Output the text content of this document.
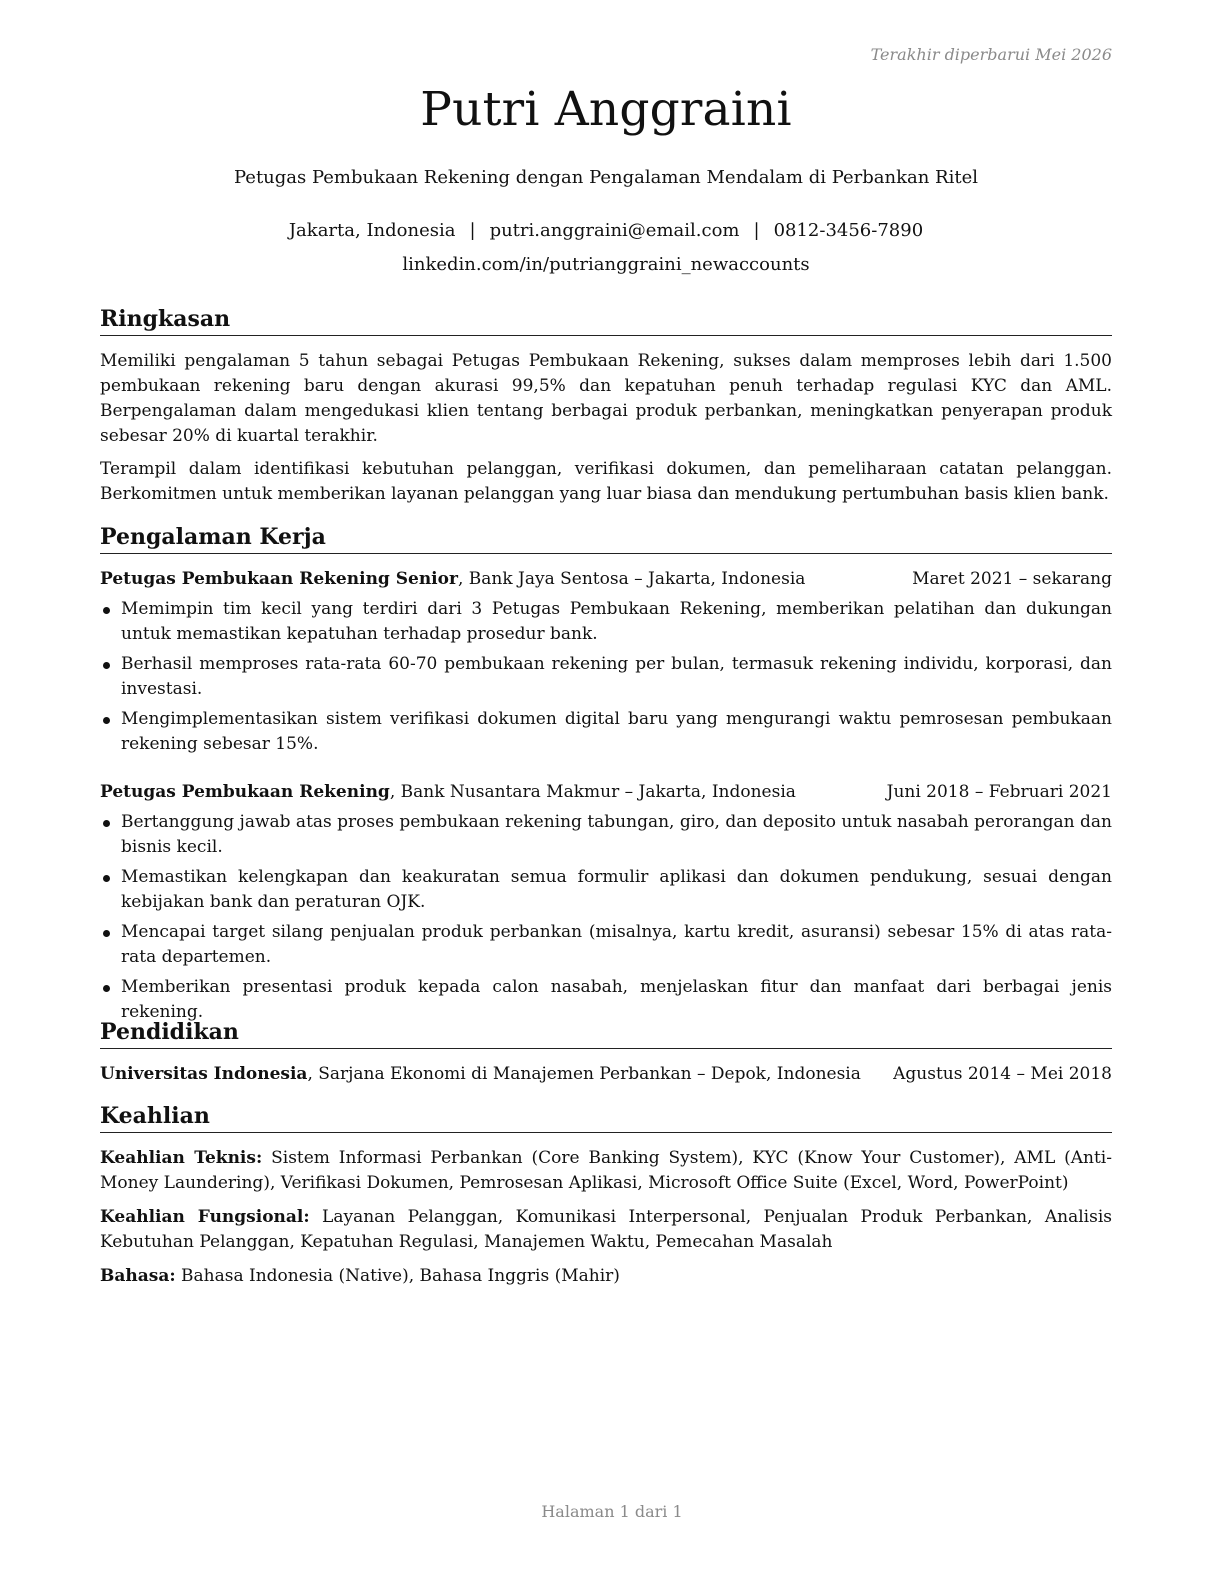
Terakhir diperbarui Mei 2026
Putri Anggraini
Petugas Pembukaan Rekening dengan Pengalaman Mendalam di Perbankan Ritel
Jakarta, Indonesia | putri.anggraini@email.com | 0812-3456-7890
linkedin.com/in/putrianggraini_newaccounts
Ringkasan

Memiliki pengalaman 5 tahun sebagai Petugas Pembukaan Rekening, sukses dalam memproses lebih dari 1.500 pembukaan rekening baru dengan akurasi 99,5% dan kepatuhan penuh terhadap regulasi KYC dan AML. Berpengalaman dalam mengedukasi klien tentang berbagai produk perbankan, meningkatkan penyerapan produk sebesar 20% di kuartal terakhir.

Terampil dalam identifikasi kebutuhan pelanggan, verifikasi dokumen, dan pemeliharaan catatan pelanggan. Berkomitmen untuk memberikan layanan pelanggan yang luar biasa dan mendukung pertumbuhan basis klien bank.

Pengalaman Kerja
Petugas Pembukaan Rekening Senior, Bank Jaya Sentosa – Jakarta, Indonesia	Maret 2021 – sekarang
Memimpin tim kecil yang terdiri dari 3 Petugas Pembukaan Rekening, memberikan pelatihan dan dukungan untuk memastikan kepatuhan terhadap prosedur bank.
Berhasil memproses rata-rata 60-70 pembukaan rekening per bulan, termasuk rekening individu, korporasi, dan investasi.
Mengimplementasikan sistem verifikasi dokumen digital baru yang mengurangi waktu pemrosesan pembukaan rekening sebesar 15%.
Petugas Pembukaan Rekening, Bank Nusantara Makmur – Jakarta, Indonesia	Juni 2018 – Februari 2021
Bertanggung jawab atas proses pembukaan rekening tabungan, giro, dan deposito untuk nasabah perorangan dan bisnis kecil.
Memastikan kelengkapan dan keakuratan semua formulir aplikasi dan dokumen pendukung, sesuai dengan kebijakan bank dan peraturan OJK.
Mencapai target silang penjualan produk perbankan (misalnya, kartu kredit, asuransi) sebesar 15% di atas rata-rata departemen.
Memberikan presentasi produk kepada calon nasabah, menjelaskan fitur dan manfaat dari berbagai jenis rekening.
Pendidikan
Universitas Indonesia, Sarjana Ekonomi di Manajemen Perbankan – Depok, Indonesia Agustus 2014 – Mei 2018
Keahlian

Keahlian Teknis: Sistem Informasi Perbankan (Core Banking System), KYC (Know Your Customer), AML (Anti-Money Laundering), Verifikasi Dokumen, Pemrosesan Aplikasi, Microsoft Office Suite (Excel, Word, PowerPoint)

Keahlian Fungsional: Layanan Pelanggan, Komunikasi Interpersonal, Penjualan Produk Perbankan, Analisis Kebutuhan Pelanggan, Kepatuhan Regulasi, Manajemen Waktu, Pemecahan Masalah

Bahasa: Bahasa Indonesia (Native), Bahasa Inggris (Mahir)

Halaman 1 dari 1
